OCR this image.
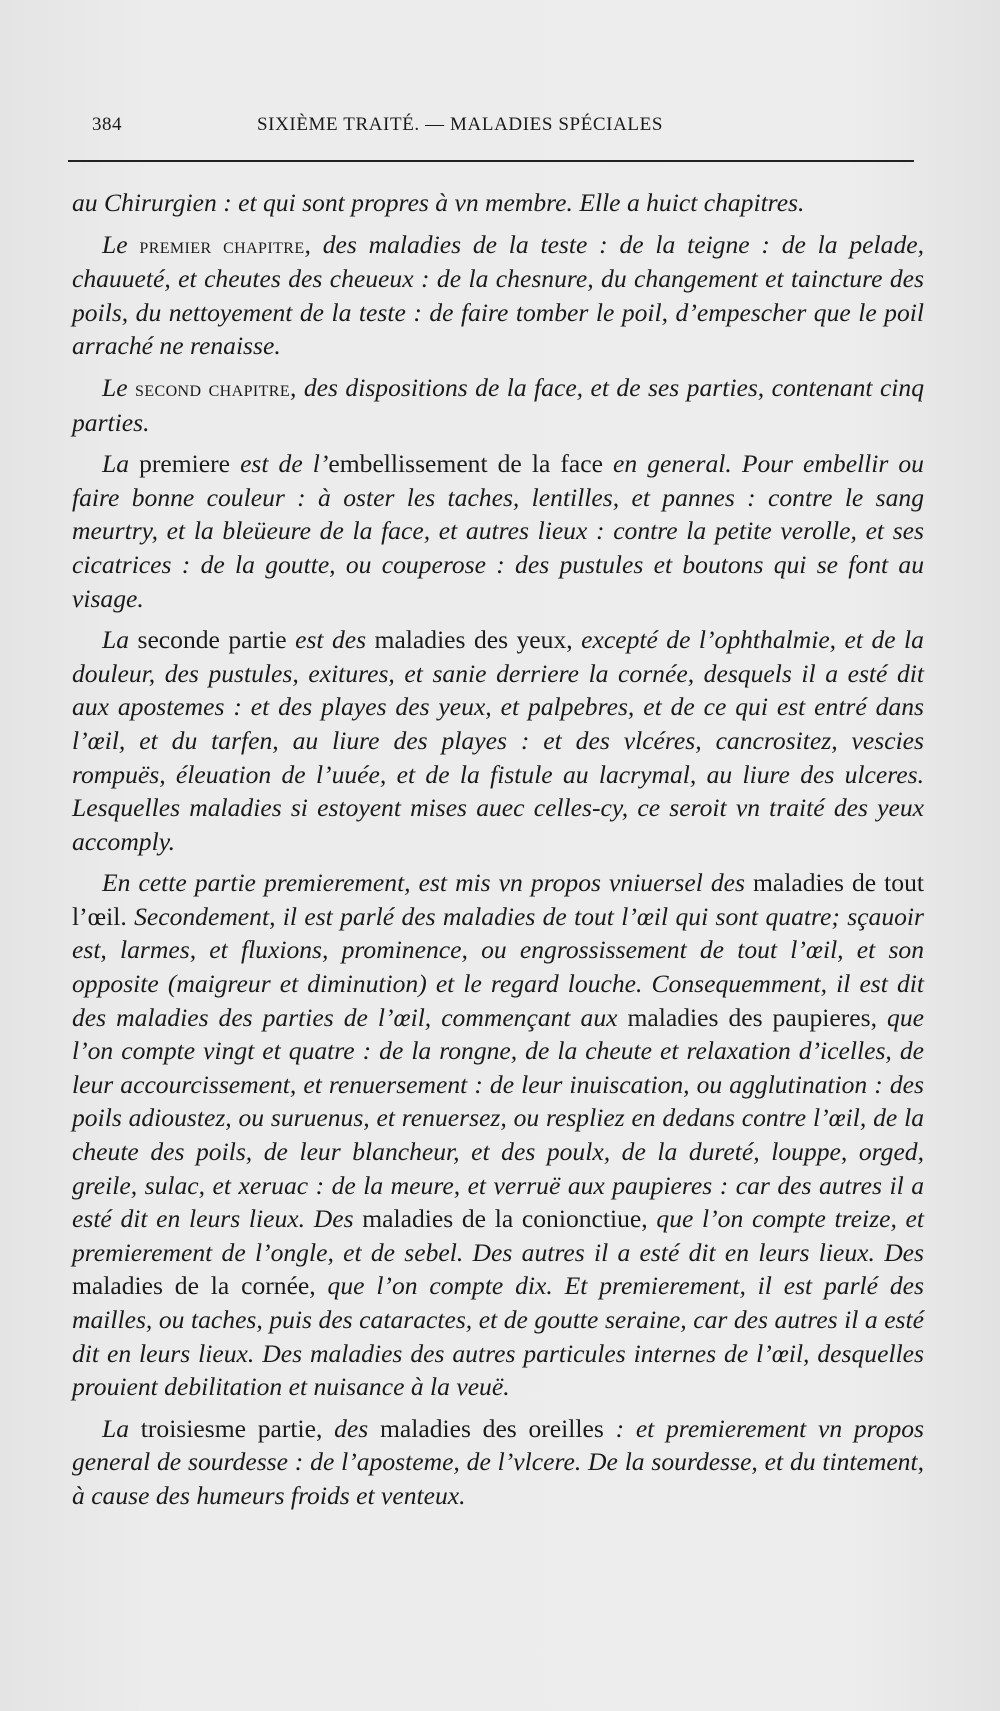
384	SIXIÈME TRAITÉ. — MALADIES SPÉCIALES

au Chirurgien : et qui sont propres à vn membre. Elle a huict chapitres.

Le premier chapitre, des maladies de la teste : de la teigne : de la pelade, chauueté, et cheutes des cheueux : de la chesnure, du changement et taincture des poils, du nettoyement de la teste : de faire tomber le poil, d’empescher que le poil arraché ne renaisse.

Le second chapitre, des dispositions de la face, et de ses parties, contenant cinq parties.

La premiere est de l’embellissement de la face en general. Pour embellir ou faire bonne couleur : à oster les taches, lentilles, et pannes : contre le sang meurtry, et la bleüeure de la face, et autres lieux : contre la petite verolle, et ses cicatrices : de la goutte, ou couperose : des pustules et boutons qui se font au visage.

La seconde partie est des maladies des yeux, excepté de l’ophthalmie, et de la douleur, des pustules, exitures, et sanie derriere la cornée, desquels il a esté dit aux apostemes : et des playes des yeux, et palpebres, et de ce qui est entré dans l’œil, et du tarfen, au liure des playes : et des vlcéres, cancrositez, vescies rompuës, éleuation de l’uuée, et de la fistule au lacrymal, au liure des ulceres. Lesquelles maladies si estoyent mises auec celles-cy, ce seroit vn traité des yeux accomply.

En cette partie premierement, est mis vn propos vniuersel des maladies de tout l’œil. Secondement, il est parlé des maladies de tout l’œil qui sont quatre; sçauoir est, larmes, et fluxions, prominence, ou engrossissement de tout l’œil, et son opposite (maigreur et diminution) et le regard louche. Consequemment, il est dit des maladies des parties de l’œil, commençant aux maladies des paupieres, que l’on compte vingt et quatre : de la rongne, de la cheute et relaxation d’icelles, de leur accourcissement, et renuersement : de leur inuiscation, ou agglutination : des poils adioustez, ou suruenus, et renuersez, ou respliez en dedans contre l’œil, de la cheute des poils, de leur blancheur, et des poulx, de la dureté, louppe, orged, greile, sulac, et xeruac : de la meure, et verruë aux paupieres : car des autres il a esté dit en leurs lieux. Des maladies de la conionctiue, que l’on compte treize, et premierement de l’ongle, et de sebel. Des autres il a esté dit en leurs lieux. Des maladies de la cornée, que l’on compte dix. Et premierement, il est parlé des mailles, ou taches, puis des cataractes, et de goutte seraine, car des autres il a esté dit en leurs lieux. Des maladies des autres particules internes de l’œil, desquelles prouient debilitation et nuisance à la veuë.

La troisiesme partie, des maladies des oreilles : et premierement vn propos general de sourdesse : de l’aposteme, de l’vlcere. De la sourdesse, et du tintement, à cause des humeurs froids et venteux.
